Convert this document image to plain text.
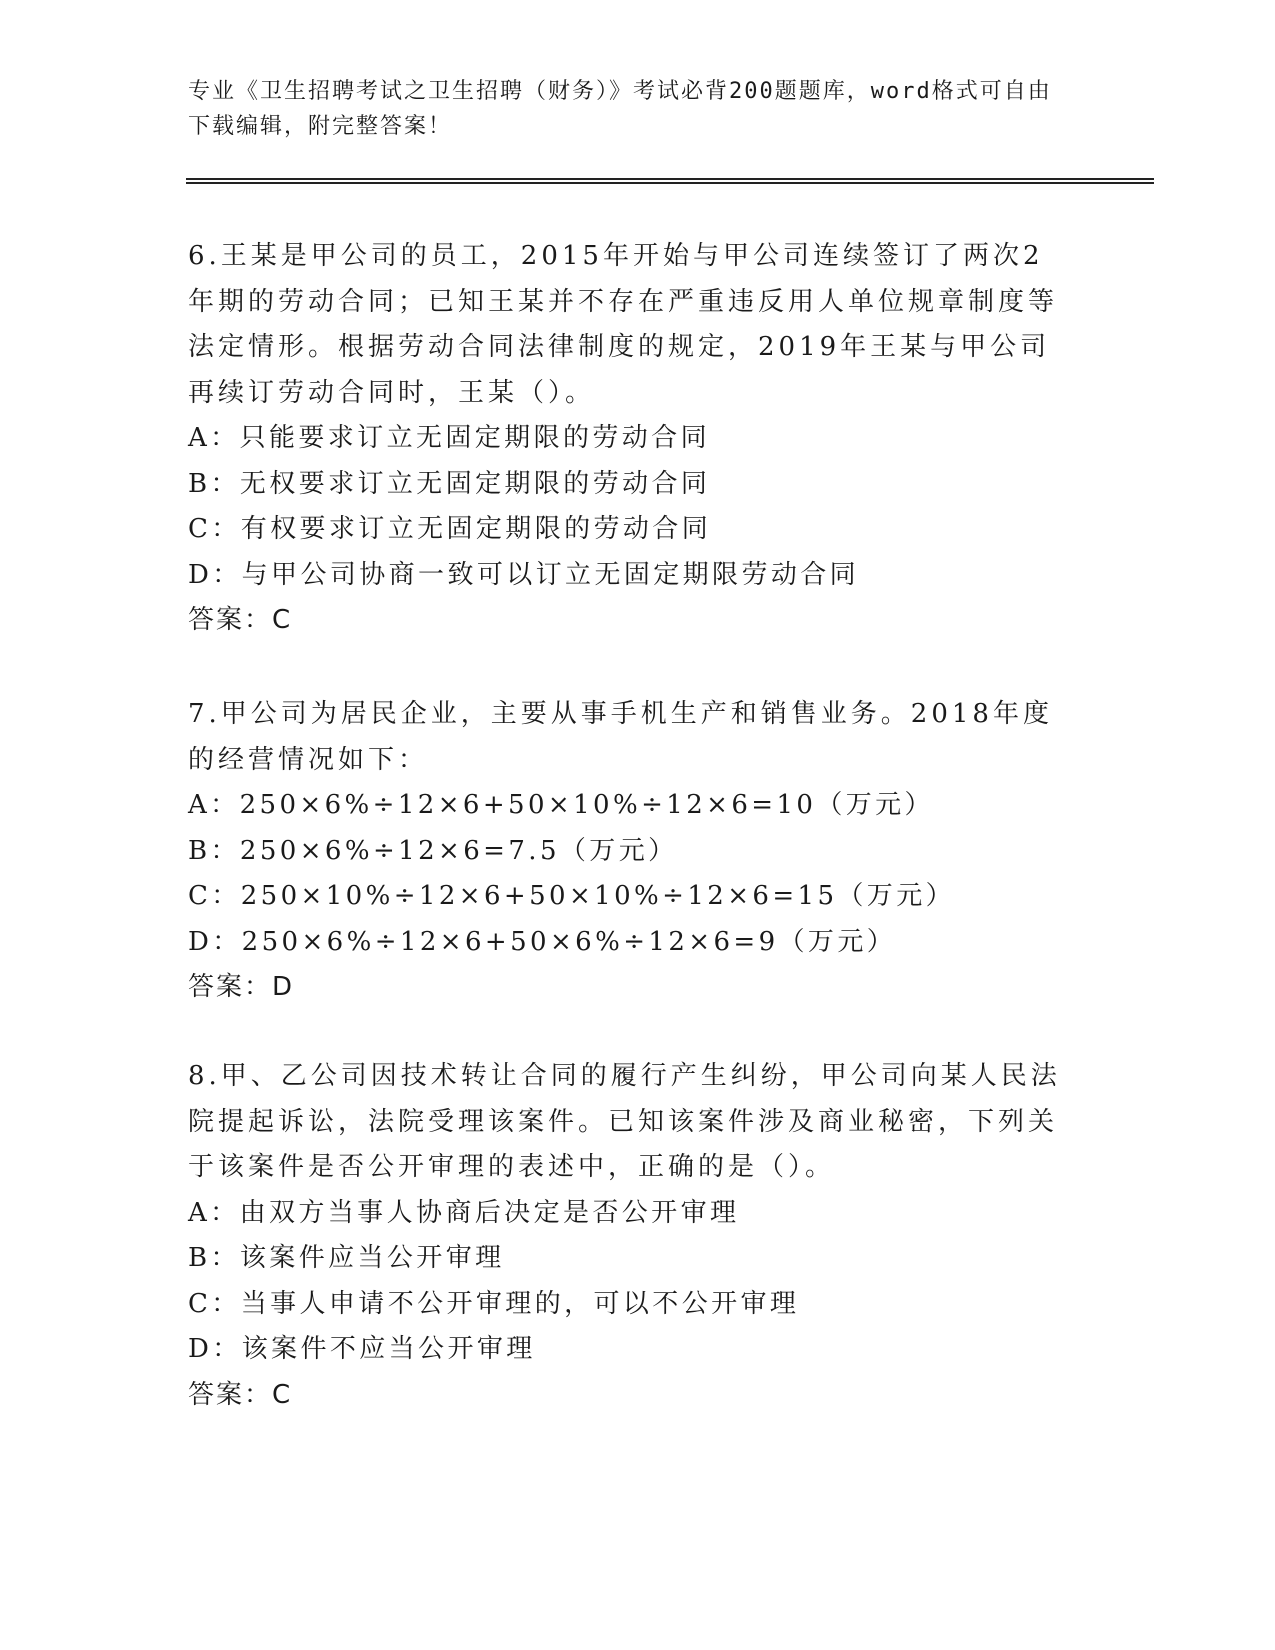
专业《卫生招聘考试之卫生招聘（财务）》考试必背200题题库，word格式可自由下载编辑，附完整答案！

6.王某是甲公司的员工，2015年开始与甲公司连续签订了两次2年期的劳动合同；已知王某并不存在严重违反用人单位规章制度等法定情形。根据劳动合同法律制度的规定，2019年王某与甲公司再续订劳动合同时，王某（）。

A：只能要求订立无固定期限的劳动合同

B：无权要求订立无固定期限的劳动合同

C：有权要求订立无固定期限的劳动合同

D：与甲公司协商一致可以订立无固定期限劳动合同

答案：C

7.甲公司为居民企业，主要从事手机生产和销售业务。2018年度的经营情况如下：

A：250×6%÷12×6+50×10%÷12×6=10（万元）

B：250×6%÷12×6=7.5（万元）

C：250×10%÷12×6+50×10%÷12×6=15（万元）

D：250×6%÷12×6+50×6%÷12×6=9（万元）

答案：D

8.甲、乙公司因技术转让合同的履行产生纠纷，甲公司向某人民法院提起诉讼，法院受理该案件。已知该案件涉及商业秘密，下列关于该案件是否公开审理的表述中，正确的是（）。

A：由双方当事人协商后决定是否公开审理

B：该案件应当公开审理

C：当事人申请不公开审理的，可以不公开审理

D：该案件不应当公开审理

答案：C
